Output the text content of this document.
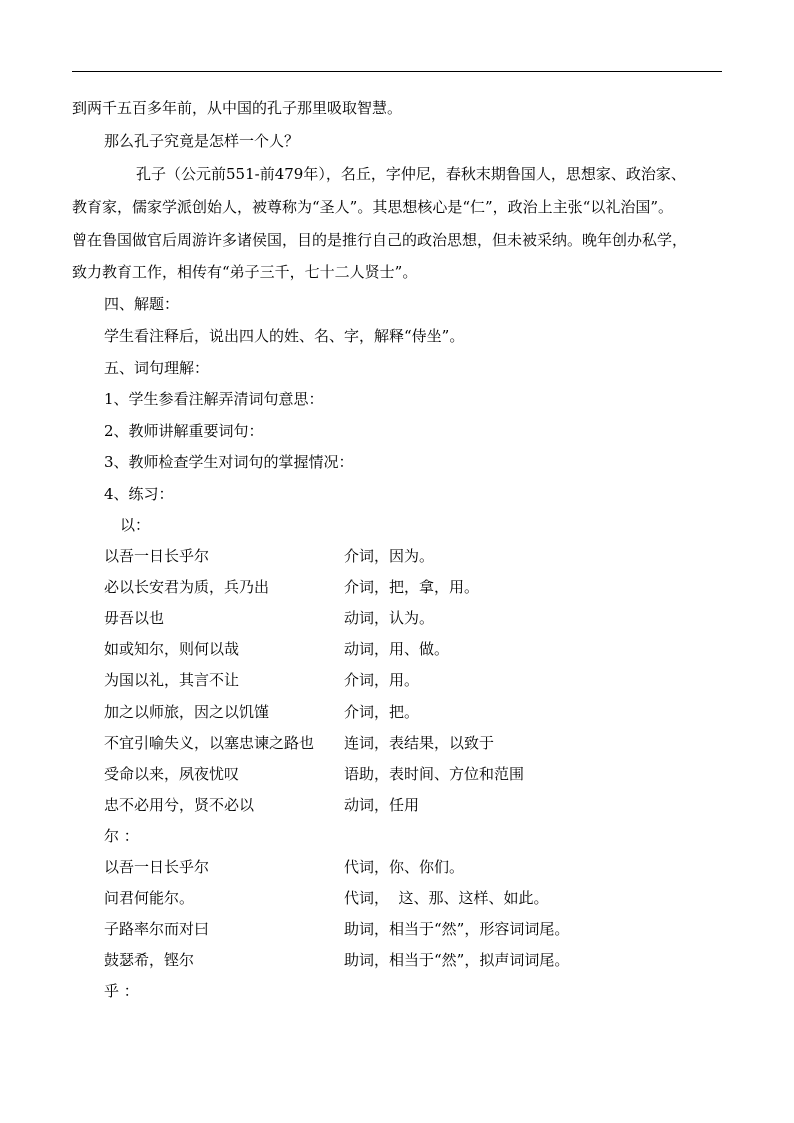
到两千五百多年前，从中国的孔子那里吸取智慧。
那么孔子究竟是怎样一个人？
孔子（公元前551-前479年），名丘，字仲尼，春秋末期鲁国人，思想家、政治家、
教育家，儒家学派创始人，被尊称为“圣人”。其思想核心是“仁”，政治上主张“以礼治国”。
曾在鲁国做官后周游许多诸侯国，目的是推行自己的政治思想，但未被采纳。晚年创办私学，
致力教育工作，相传有“弟子三千，七十二人贤士”。
四、解题：
学生看注释后，说出四人的姓、名、字，解释“侍坐”。
五、词句理解：
1、学生参看注解弄清词句意思：
2、教师讲解重要词句：
3、教师检查学生对词句的掌握情况：
4、练习：
以：
以吾一日长乎尔	介词，因为。
必以长安君为质，兵乃出	介词，把，拿，用。
毋吾以也	动词，认为。
如或知尔，则何以哉	动词，用、做。
为国以礼，其言不让	介词，用。
加之以师旅，因之以饥馑	介词，把。
不宜引喻失义，以塞忠谏之路也 连词，表结果，以致于
受命以来，夙夜忧叹	语助，表时间、方位和范围
忠不必用兮，贤不必以	动词，任用
尔 ：
以吾一日长乎尔	代词，你、你们。
问君何能尔。	代词，  这、那、这样、如此。
子路率尔而对曰	助词，相当于“然”，形容词词尾。
鼓瑟希，铿尔	助词，相当于“然”，拟声词词尾。
乎 ：
